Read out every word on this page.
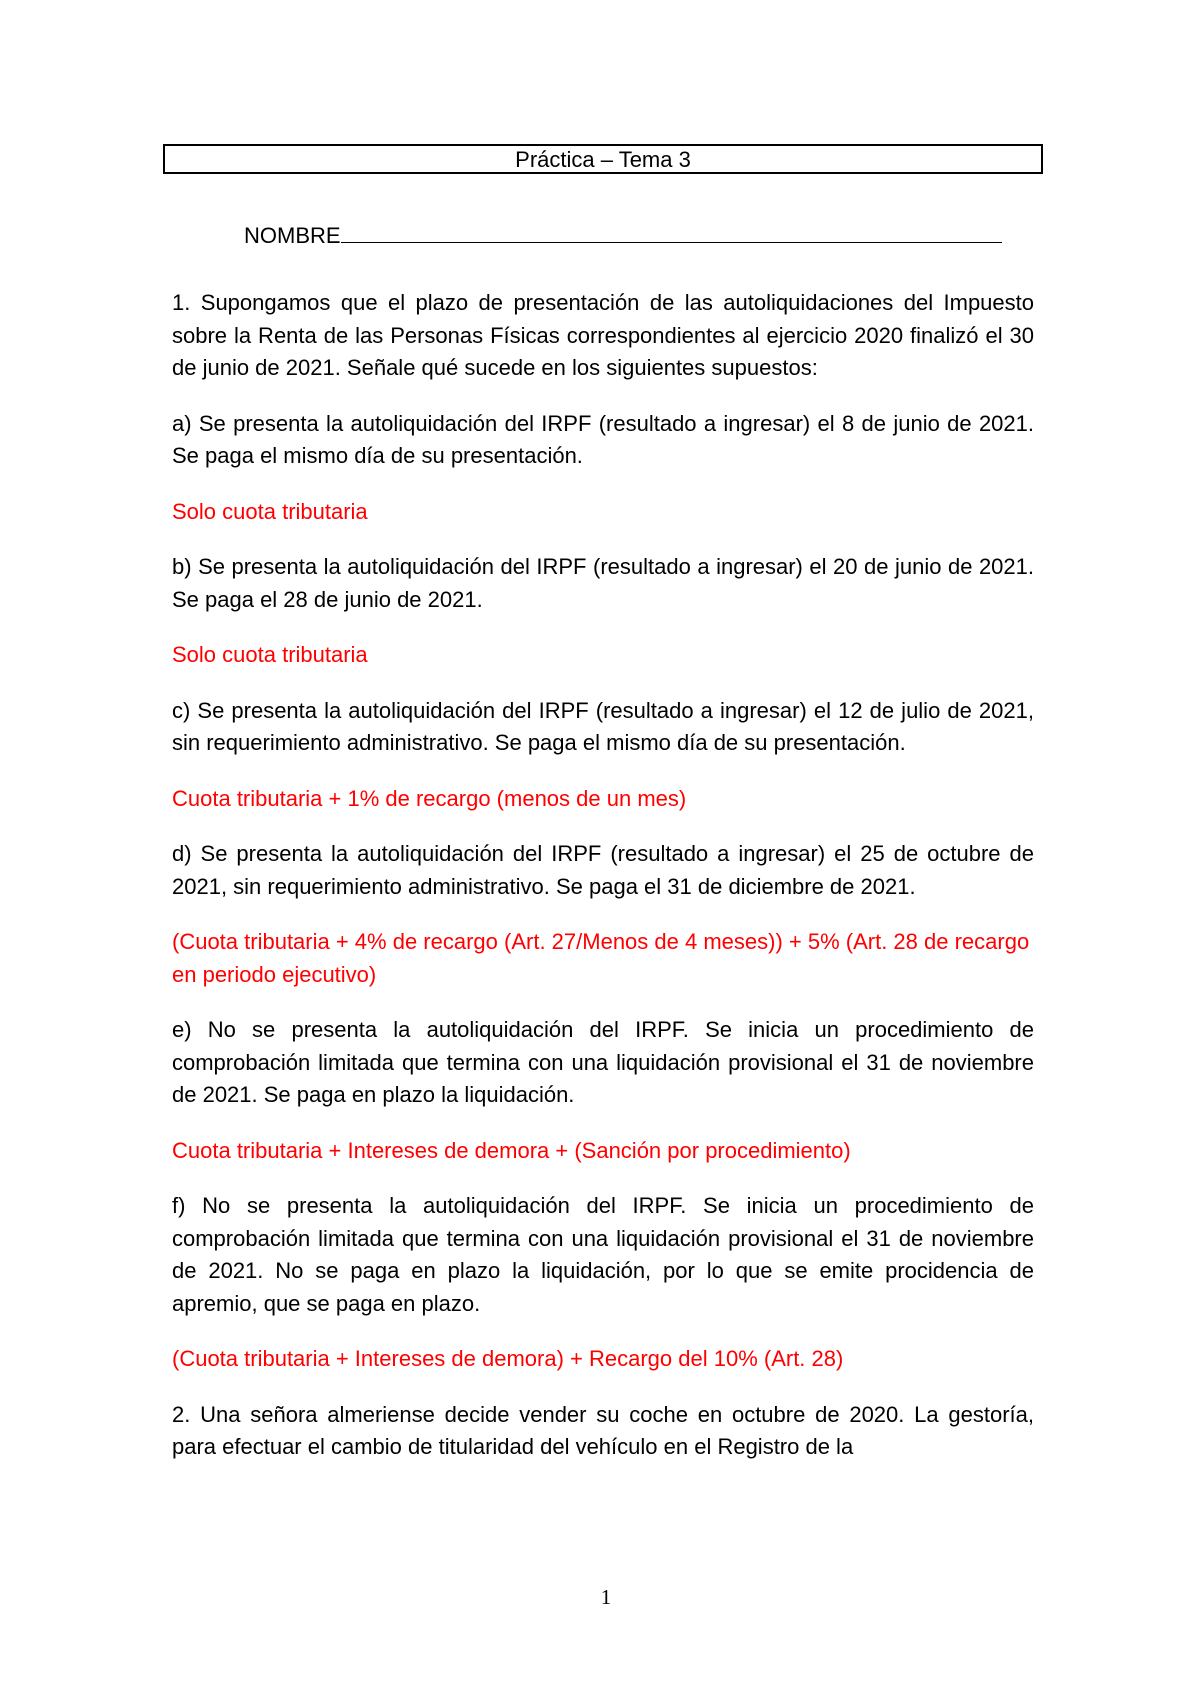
Práctica – Tema 3
NOMBRE

1. Supongamos que el plazo de presentación de las autoliquidaciones del Impuesto sobre la Renta de las Personas Físicas correspondientes al ejercicio 2020 finalizó el 30 de junio de 2021. Señale qué sucede en los siguientes supuestos:

a) Se presenta la autoliquidación del IRPF (resultado a ingresar) el 8 de junio de 2021. Se paga el mismo día de su presentación.

Solo cuota tributaria

b) Se presenta la autoliquidación del IRPF (resultado a ingresar) el 20 de junio de 2021. Se paga el 28 de junio de 2021.

Solo cuota tributaria

c) Se presenta la autoliquidación del IRPF (resultado a ingresar) el 12 de julio de 2021, sin requerimiento administrativo. Se paga el mismo día de su presentación.

Cuota tributaria + 1% de recargo (menos de un mes)

d) Se presenta la autoliquidación del IRPF (resultado a ingresar) el 25 de octubre de 2021, sin requerimiento administrativo. Se paga el 31 de diciembre de 2021.

(Cuota tributaria + 4% de recargo (Art. 27/Menos de 4 meses)) + 5% (Art. 28 de recargo en periodo ejecutivo)

e) No se presenta la autoliquidación del IRPF. Se inicia un procedimiento de comprobación limitada que termina con una liquidación provisional el 31 de noviembre de 2021. Se paga en plazo la liquidación.

Cuota tributaria + Intereses de demora + (Sanción por procedimiento)

f) No se presenta la autoliquidación del IRPF. Se inicia un procedimiento de comprobación limitada que termina con una liquidación provisional el 31 de noviembre de 2021. No se paga en plazo la liquidación, por lo que se emite procidencia de apremio, que se paga en plazo.

(Cuota tributaria + Intereses de demora) + Recargo del 10% (Art. 28)

2. Una señora almeriense decide vender su coche en octubre de 2020. La gestoría, para efectuar el cambio de titularidad del vehículo en el Registro de la

1
